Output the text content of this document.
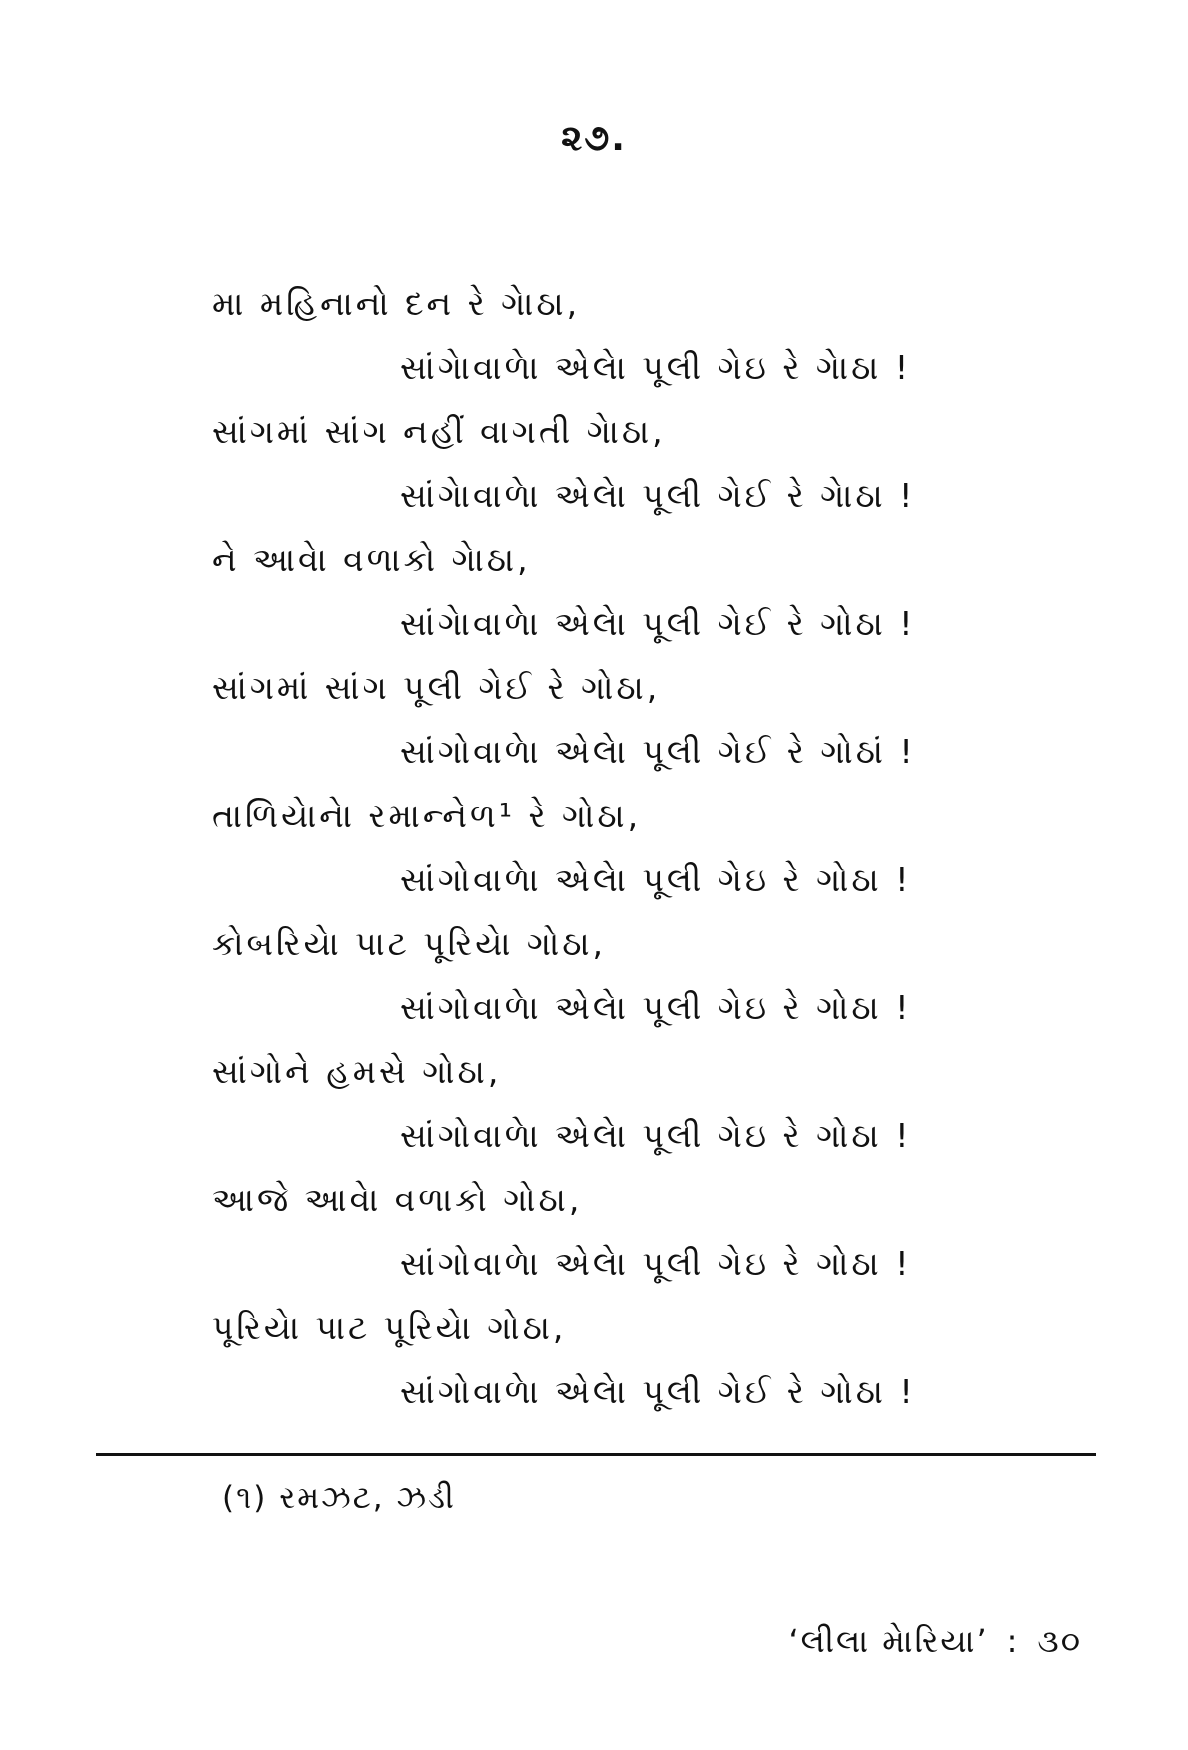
૨૭.
મા મહિનાનો દન રે ગેાઠા,
સાંગેાવાળેા એલેા પૂલી ગેઇ રે ગેાઠા !
સાંગમાં સાંગ નહીં વાગતી ગેાઠા,
સાંગેાવાળેા એલેા પૂલી ગેઈ રે ગેાઠા !
ને આવેા વળાકો ગેાઠા,
સાંગેાવાળેા એલેા પૂલી ગેઈ રે ગોઠા !
સાંગમાં સાંગ પૂલી ગેઈ રે ગોઠા,
સાંગોવાળેા એલેા પૂલી ગેઈ રે ગોઠાં !
તાળિયેાનેા રમાન્નેળ¹ રે ગોઠા,
સાંગોવાળેા એલેા પૂલી ગેઇ રે ગોઠા !
કોબરિયેા પાટ પૂરિયેા ગોઠા,
સાંગોવાળેા એલેા પૂલી ગેઇ રે ગોઠા !
સાંગોને હમસે ગોઠા,
સાંગોવાળેા એલેા પૂલી ગેઇ રે ગોઠા !
આજે આવેા વળાકો ગોઠા,
સાંગોવાળેા એલેા પૂલી ગેઇ રે ગોઠા !
પૂરિયેા પાટ પૂરિયેા ગોઠા,
સાંગોવાળેા એલેા પૂલી ગેઈ રે ગોઠા !
(૧) રમઝટ, ઝડી
‘લીલા મેારિયા’ : ૩૦
